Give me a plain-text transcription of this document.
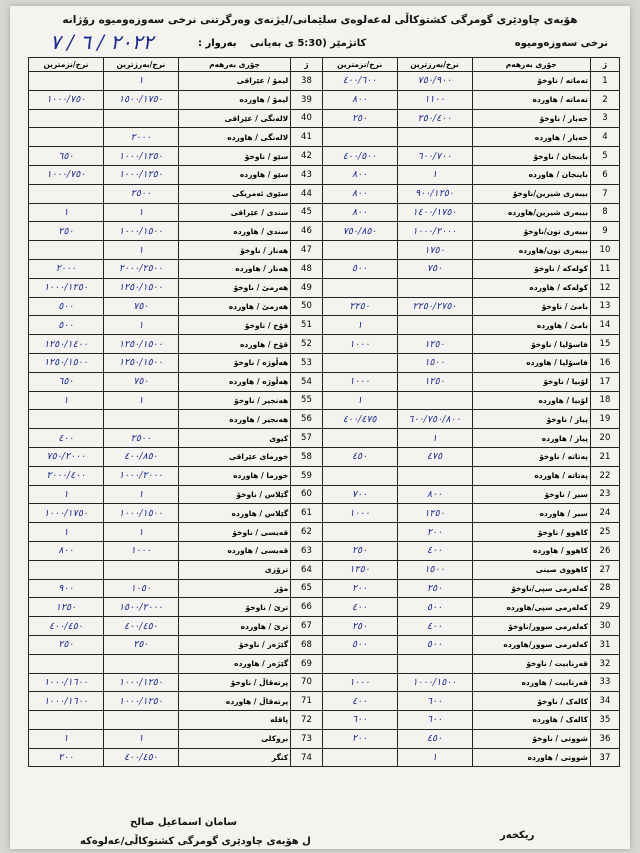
هۆبەی چاودێری گومرگی کشتوکاڵی لەعەلوەی سلێمانی/لیژنەی وەرگرتنی نرخی سەوزەومیوە رۆژانە
نرخی سەوزەومیوە
کاتژمێر (5:30 ی بەیانی
بەروار :
٢٠٢٢ / ٦ / ٧
نرخ/نزمترین	نرخ/بەرزترین	جۆری بەرهەم	ژ	نرخ/نزمترین	نرخ/بەرزترین	جۆری بەرهەم	ژ
	١	لیمۆ / عێراقی	38	٤٠٠/٦٠٠	٧٥٠/٩٠٠	تەماتە / ناوخۆ	1
١٠٠٠/٧٥٠	١٥٠٠/١٧٥٠	لیمۆ / هاوردە	39	٨٠٠	١١٠٠	تەماتە / هاوردە	2
		لالەنگی / عێراقی	40	٢٥٠	٢٥٠/٤٠٠	خەیار / ناوخۆ	3
	٢٠٠٠	لالەنگی / هاوردە	41			خەیار / هاوردە	4
٦٥٠	١٠٠٠/١٢٥٠	سێو / ناوخۆ	42	٤٠٠/٥٠٠	٦٠٠/٧٠٠	باینجان / ناوخۆ	5
١٠٠٠/٧٥٠	١٠٠٠/١٢٥٠	سێو / هاوردە	43	٨٠٠	١	باینجان / هاوردە	6
	٢٥٠٠	سێوی ئەمریکی	44	٨٠٠	٩٠٠/١٢٥٠	بیبەری شیرین/ناوخۆ	7
١	١	سندی / عێراقی	45	٨٠٠	١٤٠٠/١٧٥٠	بیبەری شیرین/هاوردە	8
٢٥٠	١٠٠٠/١٥٠٠	سندی / هاوردە	46	٧٥٠/٨٥٠	١٠٠٠/٢٠٠٠	بیبەری تون/ناوخۆ	9
	١	هەنار / ناوخۆ	47		١٧٥٠	بیبەری تون/هاوردە	10
٢٠٠٠	٢٠٠٠/٢٥٠٠	هەنار / هاوردە	48	٥٠٠	٧٥٠	کولەکە / ناوخۆ	11
١٠٠٠/١٢٥٠	١٢٥٠/١٥٠٠	هەرمێ / ناوخۆ	49			کولەکە / هاوردە	12
٥٠٠	٧٥٠	هەرمێ / هاوردە	50	٢٢٥٠	٢٢٥٠/٢٧٥٠	بامێ / ناوخۆ	13
٥٠٠	١	قۆخ / ناوخۆ	51	١		بامێ / هاوردە	14
١٢٥٠/١٤٠٠	١٢٥٠/١٥٠٠	قۆخ / هاوردە	52	١٠٠٠	١٢٥٠	فاسۆلیا / ناوخۆ	15
١٢٥٠/١٥٠٠	١٢٥٠/١٥٠٠	هەڵوژە / ناوخۆ	53		١٥٠٠	فاسۆلیا / هاوردە	16
٦٥٠	٧٥٠	هەڵوژە / هاوردە	54	١٠٠٠	١٢٥٠	لۆبیا / ناوخۆ	17
١	١	هەنجیر / ناوخۆ	55	١		لۆبیا / هاوردە	18
		هەنجیر / هاوردە	56	٤٠٠/٤٧٥	٦٠٠/٧٥٠/٨٠٠	پیاز / ناوخۆ	19
٤٠٠	٢٥٠٠	کیوی	57		١	پیاز / هاوردە	20
٧٥٠/٢٠٠٠	٤٠٠/٨٥٠	خورمای عێراقی	58	٤٥٠	٤٧٥	پەتاتە / ناوخۆ	21
٢٠٠٠/٤٠٠	١٠٠٠/٢٠٠٠	خورما / هاوردە	59			پەتاتە / هاوردە	22
١	١	گێلاس / ناوخۆ	60	٧٠٠	٨٠٠	سیر / ناوخۆ	23
١٠٠٠/١٧٥٠	١٠٠٠/١٥٠٠	گێلاس / هاوردە	61	١٠٠٠	١٢٥٠	سیر / هاوردە	24
١	١	قەیسی / ناوخۆ	62		٢٠٠	کاهوو / ناوخۆ	25
٨٠٠	١٠٠٠	قەیسی / هاوردە	63	٢٥٠	٤٠٠	کاهوو / هاوردە	26
		ترۆزی	64	١٢٥٠	١٥٠٠	کاهووی صینی	27
٩٠٠	١٠٥٠	مۆز	65	٢٠٠	٢٥٠	کەلەرمی سپی/ناوخۆ	28
١٢٥٠	١٥٠٠/٢٠٠٠	ترێ / ناوخۆ	66	٤٠٠	٥٠٠	کەلەرمی سپی/هاوردە	29
٤٠٠/٤٥٠	٤٠٠/٤٥٠	ترێ / هاوردە	67	٢٥٠	٤٠٠	کەلەرمی سوور/ناوخۆ	30
٢٥٠	٢٥٠	گێژەر / ناوخۆ	68	٥٠٠	٥٠٠	کەلەرمی سوور/هاوردە	31
		گێژەر / هاوردە	69			قەرنابیت / ناوخۆ	32
١٠٠٠/١٦٠٠	١٠٠٠/١٢٥٠	پرتەقاڵ / ناوخۆ	70	١٠٠٠	١٠٠٠/١٥٠٠	قەرنابیت / هاوردە	33
١٠٠٠/١٦٠٠	١٠٠٠/١٢٥٠	پرتەقاڵ / هاوردە	71	٤٠٠	٦٠٠	کالەک / ناوخۆ	34
		پاقلە	72	٦٠٠	٦٠٠	کالەک / هاوردە	35
١	١	بروکلی	73	٢٠٠	٤٥٠	شووتی / ناوخۆ	36
٢٠٠	٤٠٠/٤٥٠	کنگر	74		١	شووتی / هاوردە	37
سامان اسماعیل صالح
ل هۆبەی چاودێری گومرگی کشتوکاڵی/عەلوەکە
ریکخەر
